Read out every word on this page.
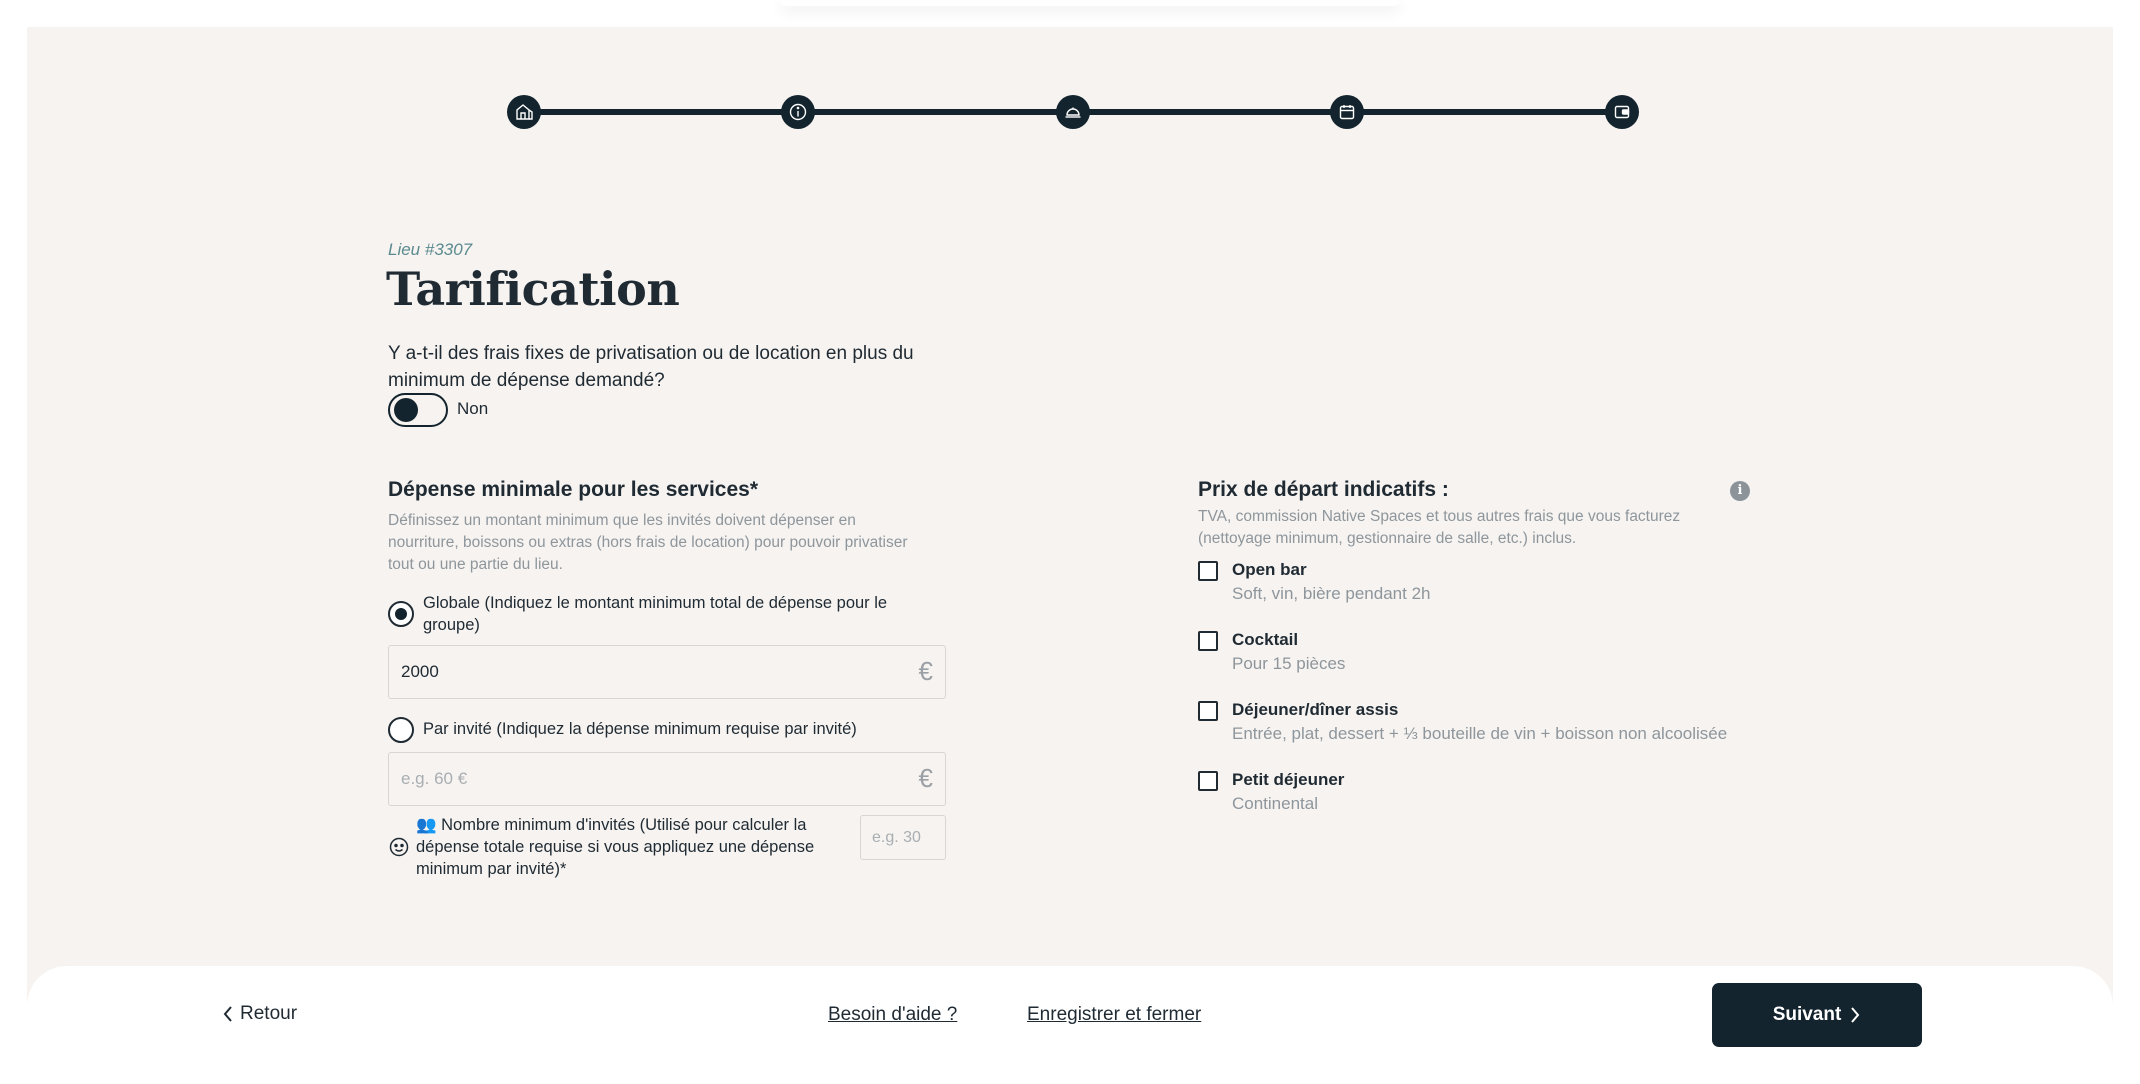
Lieu #3307
Tarification
Y a-t-il des frais fixes de privatisation ou de location en plus du minimum de dépense demandé?
Non
Dépense minimale pour les services*
Définissez un montant minimum que les invités doivent dépenser en nourriture, boissons ou extras (hors frais de location) pour pouvoir privatiser tout ou une partie du lieu.
Globale (Indiquez le montant minimum total de dépense pour le groupe)
2000
€
Par invité (Indiquez la dépense minimum requise par invité)
e.g. 60 €
€
👥 Nombre minimum d'invités (Utilisé pour calculer la dépense totale requise si vous appliquez une dépense minimum par invité)*
e.g. 30
Prix de départ indicatifs :	i
TVA, commission Native Spaces et tous autres frais que vous facturez (nettoyage minimum, gestionnaire de salle, etc.) inclus.
Open bar
Soft, vin, bière pendant 2h
Cocktail
Pour 15 pièces
Déjeuner/dîner assis
Entrée, plat, dessert + ⅓ bouteille de vin + boisson non alcoolisée
Petit déjeuner
Continental
Retour	Besoin d'aide ?	Enregistrer et fermer	Suivant
